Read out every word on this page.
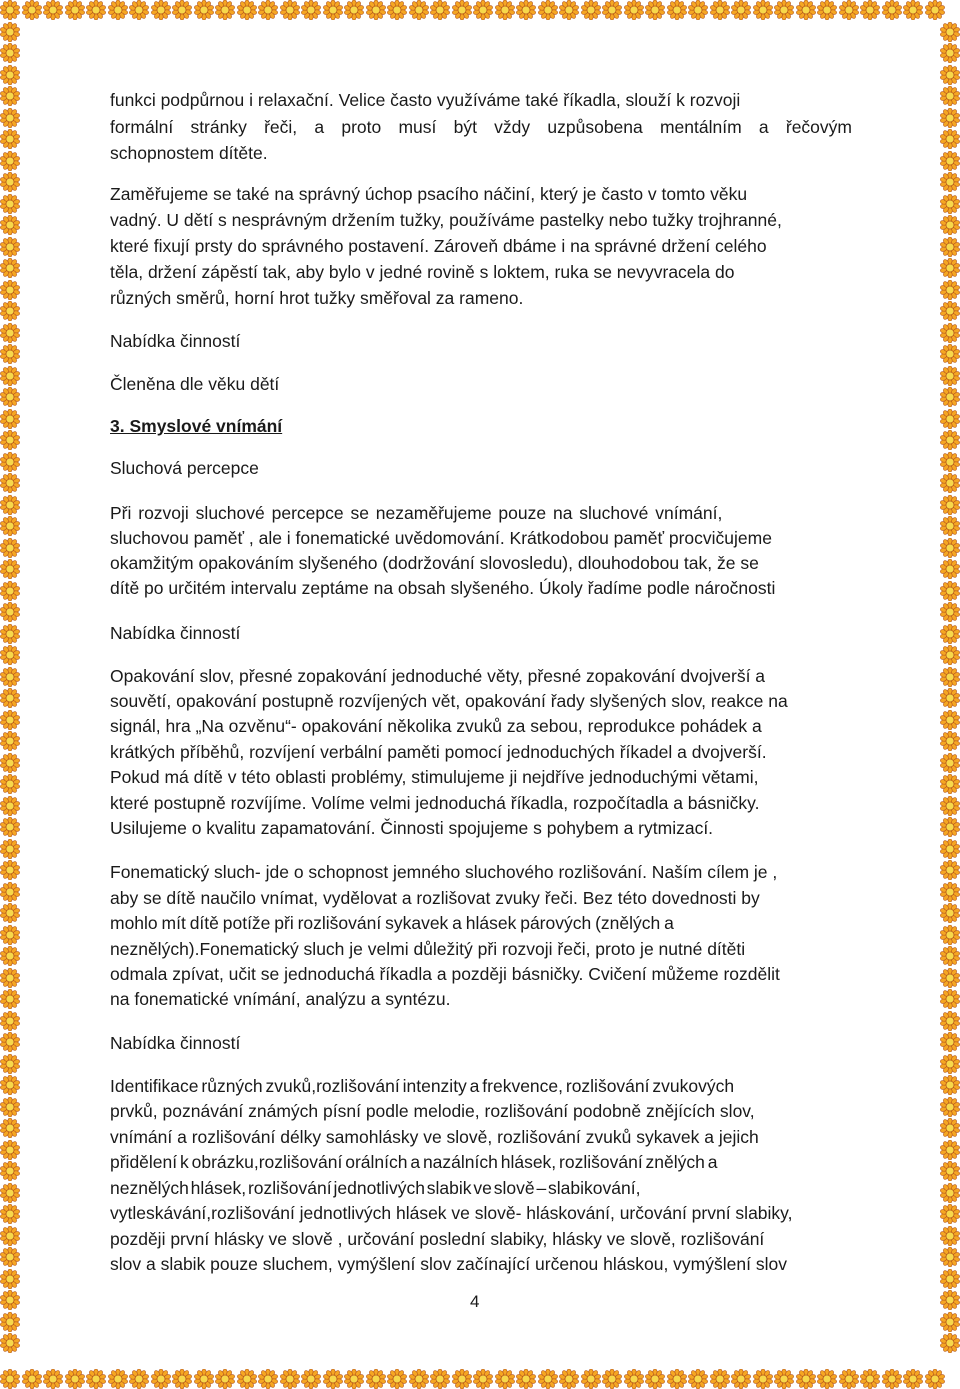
funkci podpůrnou i relaxační. Velice často využíváme také říkadla, slouží k rozvoji
formální stránky řeči, a proto musí být vždy uzpůsobena mentálním a řečovým
schopnostem dítěte.
Zaměřujeme se také na správný úchop psacího náčiní, který je často v tomto věku
vadný. U dětí s nesprávným držením tužky, používáme pastelky nebo tužky trojhranné,
které fixují prsty do správného postavení. Zároveň dbáme i na správné držení celého
těla, držení zápěstí tak, aby bylo v jedné rovině s loktem, ruka se nevyvracela do
různých směrů, horní hrot tužky směřoval za rameno.
Nabídka činností
Členěna dle věku dětí
3. Smyslové vnímání
Sluchová percepce
Při rozvoji sluchové percepce se nezaměřujeme pouze na sluchové vnímání,
sluchovou paměť , ale i fonematické uvědomování. Krátkodobou paměť procvičujeme
okamžitým opakováním slyšeného (dodržování slovosledu), dlouhodobou tak, že se
dítě po určitém intervalu zeptáme na obsah slyšeného. Úkoly řadíme podle náročnosti
Nabídka činností
Opakování slov, přesné zopakování jednoduché věty, přesné zopakování dvojverší a
souvětí, opakování postupně rozvíjených vět, opakování řady slyšených slov, reakce na
signál, hra „Na ozvěnu“- opakování několika zvuků za sebou, reprodukce pohádek a
krátkých příběhů, rozvíjení verbální paměti pomocí jednoduchých říkadel a dvojverší.
Pokud má dítě v této oblasti problémy, stimulujeme ji nejdříve jednoduchými větami,
které postupně rozvíjíme. Volíme velmi jednoduchá říkadla, rozpočítadla a básničky.
Usilujeme o kvalitu zapamatování. Činnosti spojujeme s pohybem a rytmizací.
Fonematický sluch- jde o schopnost jemného sluchového rozlišování. Naším cílem je ,
aby se dítě naučilo vnímat, vydělovat a rozlišovat zvuky řeči. Bez této dovednosti by
mohlo mít dítě potíže při rozlišování sykavek a hlásek párových (znělých a
neznělých).Fonematický sluch je velmi důležitý při rozvoji řeči, proto je nutné dítěti
odmala zpívat, učit se jednoduchá říkadla a později básničky. Cvičení můžeme rozdělit
na fonematické vnímání, analýzu a syntézu.
Nabídka činností
Identifikace různých zvuků,rozlišování intenzity a frekvence, rozlišování zvukových
prvků, poznávání známých písní podle melodie, rozlišování podobně znějících slov,
vnímání a rozlišování délky samohlásky ve slově, rozlišování zvuků sykavek a jejich
přidělení k obrázku,rozlišování orálních a nazálních hlásek, rozlišování znělých a
neznělých hlásek, rozlišování jednotlivých slabik ve slově – slabikování,
vytleskávání,rozlišování jednotlivých hlásek ve slově- hláskování, určování první slabiky,
později první hlásky ve slově , určování poslední slabiky, hlásky ve slově, rozlišování
slov a slabik pouze sluchem, vymýšlení slov začínající určenou hláskou, vymýšlení slov
4
